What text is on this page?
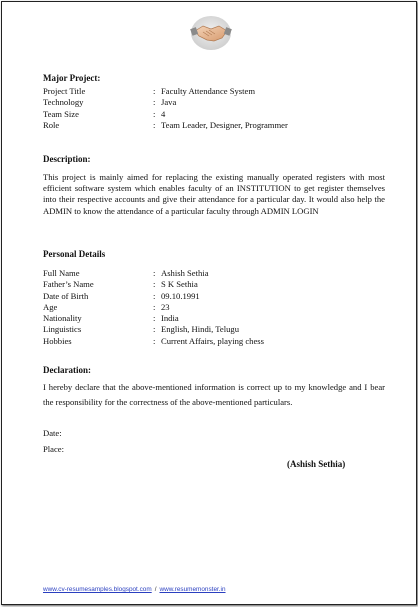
Major Project:
Project Title	: Faculty Attendance System
Technology	: Java
Team Size	: 4
Role	: Team Leader, Designer, Programmer
Description:
This project is mainly aimed for replacing the existing manually operated registers with most efficient software system which enables faculty of an INSTITUTION to get register themselves into their respective accounts and give their attendance for a particular day. It would also help the ADMIN to know the attendance of a particular faculty through ADMIN LOGIN
Personal Details
Full Name	: Ashish Sethia
Father’s Name	: S K Sethia
Date of Birth	: 09.10.1991
Age	: 23
Nationality	: India
Linguistics	: English, Hindi, Telugu
Hobbies	: Current Affairs, playing chess
Declaration:
I hereby declare that the above-mentioned information is correct up to my knowledge and I bear the responsibility for the correctness of the above-mentioned particulars.
Date:
Place:
(Ashish Sethia)
www.cv-resumesamples.blogspot.com / www.resumemonster.in
